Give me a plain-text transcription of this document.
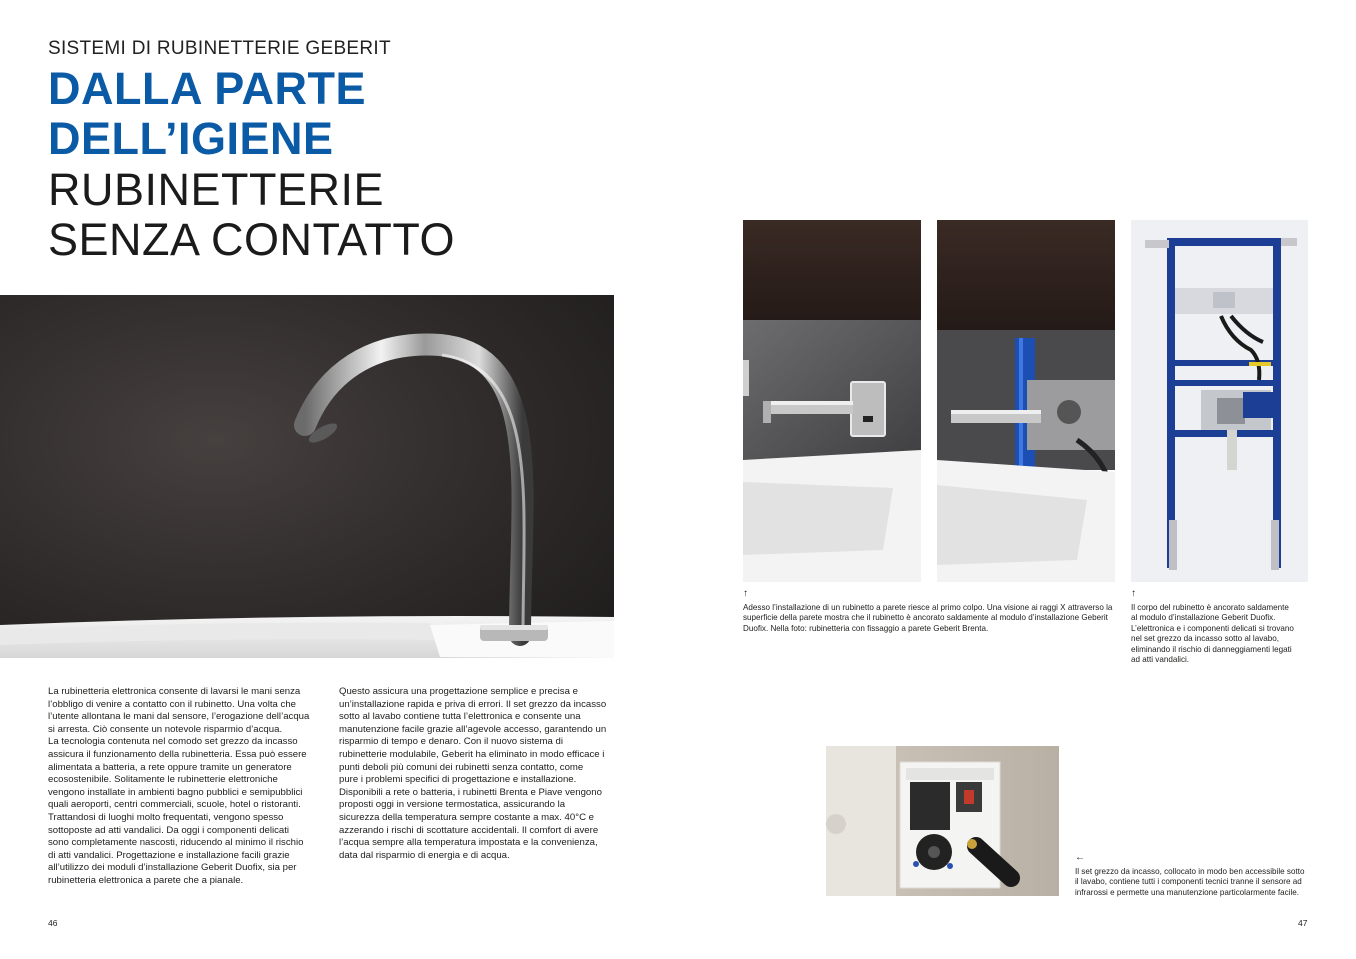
SISTEMI DI RUBINETTERIE GEBERIT
DALLA PARTE
DELL’IGIENE
RUBINETTERIE
SENZA CONTATTO
La rubinetteria elettronica consente di lavarsi le mani senza
l’obbligo di venire a contatto con il rubinetto. Una volta che
l’utente allontana le mani dal sensore, l’erogazione dell’acqua
si arresta. Ciò consente un notevole risparmio d’acqua.
La tecnologia contenuta nel comodo set grezzo da incasso
assicura il funzionamento della rubinetteria. Essa può essere
alimentata a batteria, a rete oppure tramite un generatore
ecosostenibile. Solitamente le rubinetterie elettroniche
vengono installate in ambienti bagno pubblici e semipubblici
quali aeroporti, centri commerciali, scuole, hotel o ristoranti.
Trattandosi di luoghi molto frequentati, vengono spesso
sottoposte ad atti vandalici. Da oggi i componenti delicati
sono completamente nascosti, riducendo al minimo il rischio
di atti vandalici. Progettazione e installazione facili grazie
all’utilizzo dei moduli d’installazione Geberit Duofix, sia per
rubinetteria elettronica a parete che a pianale.
Questo assicura una progettazione semplice e precisa e
un’installazione rapida e priva di errori. Il set grezzo da incasso
sotto al lavabo contiene tutta l’elettronica e consente una
manutenzione facile grazie all’agevole accesso, garantendo un
risparmio di tempo e denaro. Con il nuovo sistema di
rubinetterie modulabile, Geberit ha eliminato in modo efficace i
punti deboli più comuni dei rubinetti senza contatto, come
pure i problemi specifici di progettazione e installazione.
Disponibili a rete o batteria, i rubinetti Brenta e Piave vengono
proposti oggi in versione termostatica, assicurando la
sicurezza della temperatura sempre costante a max. 40°C e
azzerando i rischi di scottature accidentali. Il comfort di avere
l’acqua sempre alla temperatura impostata e la convenienza,
data dal risparmio di energia e di acqua.
46
↑
Adesso l’installazione di un rubinetto a parete riesce al primo colpo. Una visione ai raggi X attraverso la
superficie della parete mostra che il rubinetto è ancorato saldamente al modulo d’installazione Geberit
Duofix. Nella foto: rubinetteria con fissaggio a parete Geberit Brenta.
↑
Il corpo del rubinetto è ancorato saldamente
al modulo d’installazione Geberit Duofix.
L’elettronica e i componenti delicati si trovano
nel set grezzo da incasso sotto al lavabo,
eliminando il rischio di danneggiamenti legati
ad atti vandalici.
←
Il set grezzo da incasso, collocato in modo ben accessibile sotto
il lavabo, contiene tutti i componenti tecnici tranne il sensore ad
infrarossi e permette una manutenzione particolarmente facile.
47
